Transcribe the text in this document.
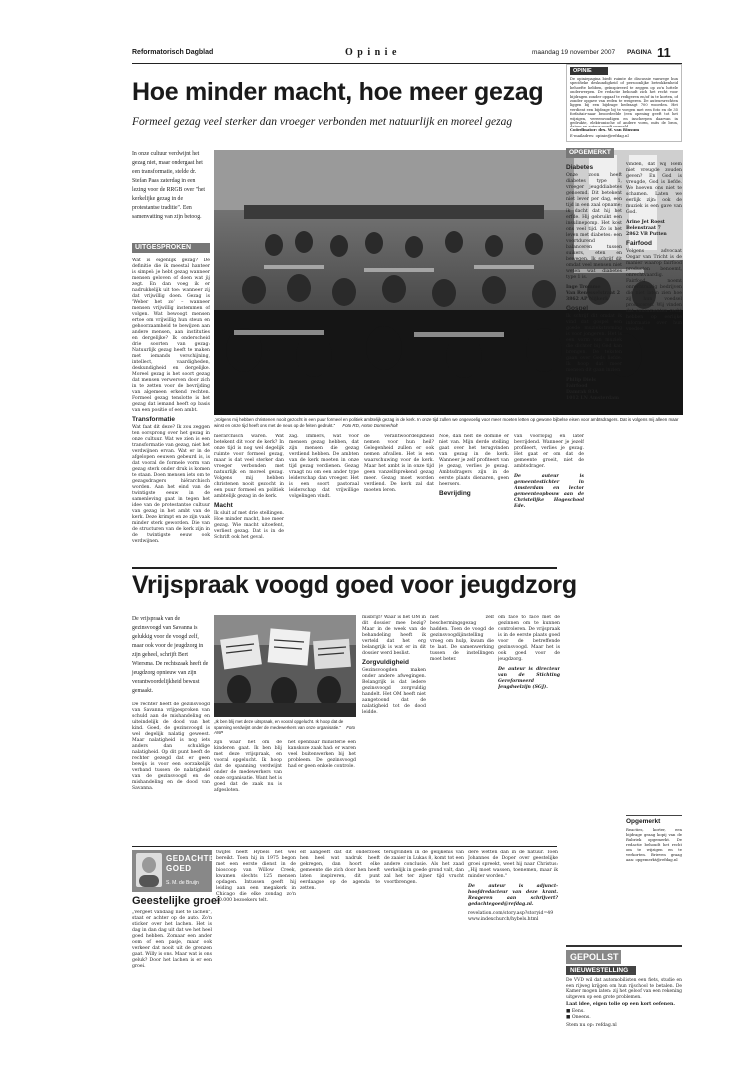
Reformatorisch Dagblad	O p i n i e	maandag 19 november 2007 PAGINA 11
Hoe minder macht, hoe meer gezag
Formeel gezag veel sterker dan vroeger verbonden met natuurlijk en moreel gezag
OPINIE
De opiniepagina biedt ruimte de discussie vanwege hun specifieke deskundigheid of persoonlijke betrokkenheid behoefte hebben, geïnspireerd te zeggen op zo'n luttele onderwerpen. De redactie behoudt zich het recht voor bijdragen zonder opgaaf te redigeren en/of in te korten, of zonder opgave van reden te weigeren. De auteursrechten liggen bij een bijdrage bedraagt 700 woorden. Het verdient een bijdrage bij te voegen met een foto en de 35 forfaitair-naar beoordeelde (een opening geeft tot het wijzigen, vereenvoudigen en inscherpen daarvan in gedrukte, elektronische of andere vorm, mits de bron,
Coördinator: drs. W. van Rinsum
E-mailadres: opinie@refdag.nl
In onze cultuur verdwijnt het gezag niet, maar ondergaat het een transformatie, stelde dr. Stefan Paas zaterdag in een lezing voor de RRGB over "het kerkelijke gezag in de protestantse traditie". Een samenvatting van zijn betoog.
UITGESPROKEN

Wat is eigenlijk gezag? De definitie die ik meestal hanteer is simpel: je hebt gezag wanneer mensen geloven of doen wat jij zegt. En dan voeg ik er nadrukkelijk uit toe: wanneer zij dat vrijwillig doen. Gezag is 'Weber het zo' – wanneer mensen vrijwillig instemmen of volgen. Wat bewoogt mensen ertoe om vrijwillig hun steun en gehoorzaamheid te bewijzen aan andere mensen, aan instituties en dergelijke? Ik onderscheid drie soorten van gezag: Natuurlijk gezag heeft te maken met iemands verschijning, intellect, vaardigheden, deskundigheid en dergelijke. Moreel gezag is het soort gezag dat mensen verwerven door zich in te zetten voor de bevrijding van algemeen erkend rechten. Formeel gezag tenslotte is het gezag dat iemand heeft op basis van een positie of een ambt.

Transformatie

Wat faat dit deze? Ik zou zeggen ten oorsprong over het gezag in onze cultuur. Wat we zien is een transformatie van gezag, niet het verdwijnen ervan. Wat er in de afgelopen eeuwen gebeurd is, is dat vooral de formele vorm van gezag sterk onder druk is komen te staan. Doen mensen iets om te gezagsdragers hiërarchisch worden. Aan het eind van de twintigste eeuw in de samenleving gaat in tegen het idee van de protestantse cultuur van gezag in het ambt van de kerk. Deze krimpt en ze zijn vaak minder sterk geworden. Die van de structuren van de kerk zijn in de twintigste eeuw ook verdwijnen.

„Volgens mij hebben christenen nooit gezocht in een puur formeel en politiek ambtelijk gezag in de kerk. In onze tijd zullen we ongevoelig voor meer moeten letten op gewone bijbelse eisen voor ambtsdragers. Dat is volgens mij alleen maar winst en onze tijd heeft ons met de neus op de feiten gedrukt." Foto RD, Anton Dommerholt

hiërarchisch waren. Wat betekent dit voor de kerk? In onze tijd is nog wel degelijk ruimte voor formeel gezag, maar is dat veel sterker dan vroeger verbonden met natuurlijk en moreel gezag. Volgens mij hebben christenen nooit gezocht in een puur formeel en politiek ambtelijk gezag in de kerk.

Macht

Ik sluit af met drie stellingen. Hoe minder macht, hoe meer gezag. Wie macht uitoefent, verliest gezag. Dat is in de Schrift ook het geval.

zag. Immers, wat voor mensen gezag hebben, dat zijn mensen die gezag verdiend hebben. De ambten van de kerk moeten in onze tijd gezag verdienen. Gezag vraagt nu om een ander type leiderschap dan vroeger. Het is een soort pastoraal leiderschap dat vrijwillige volgelingen vindt.
de verantwoordelijkheid nemen voor hun heil? Gelegenheid zullen er ook nemen afvallen. Het is een waarschuwing voor de kerk. Maar het ambt is in onze tijd geen vanzelfsprekend gezag meer. Gezag moet worden verdiend. De kerk zal dat moeten leren.

Noe, dan helt de domine er niet van. Mijn derde stelling gaat over het terugvinden van gezag in de kerk. Wanneer je zelf profiteert van je gezag, verlies je gezag. Ambtsdragers zijn in de eerste plaats dienaren, geen heersers.

Bevrijding

van voorlopig en later bevrijdend. Wanneer je jezelf profileert, verlies je gezag. Het gaat er om dat de gemeente groeit, niet de ambtsdrager.

De auteur is gemeentestichter in Amsterdam en lector gemeenteopbouw aan de Christelijke Hogeschool Ede.

OPGEMERKT
Diabetes

Onze zoon heeft diabetes type 1, vroeger jeugddiabetes genoemd. Dit betekent niet lever per dag, een tijd in een zaal opname; ik dacht dat hij het erfde. Hij gebruikt een insulinepomp. Het kost ons veel tijd. Zo is het leven met diabetes: een voortdurend balanceren tussen suikers, eten en bewegen. Ik schrijf dit omdat veel mensen niet weten wat diabetes type 1 is.

Inge Tromme
Van Renesselstraat 2
3862 AP Nijkerk

Gospel

Ik schrijf dit omdat ik vind dat gospel een goede muziekstroming is voor jongeren. Het is een vorm van muziek die dichter bij God kan brengen. De teksten gaan over Gods liefde. Ik hoop dat meer mensen dit gaan inzien.

Philip Diels
Fairfood
Damrak 83A
1012 LN Amsterdam

vinden, dat wij Hem niet vreugde zouden geven? En God is vreugde, God is liefde. We hoeven ons niet te schamen. Laten we eerlijk zijn: ook de muziek is een gave van God.

Arine Jet Roest
Belenstraat 7
2862 VB Putten

Fairfood

Volgens advocaat Oogar van Tricht is de manier waarop fairfood producten benoemt, onrechtvaardig. Fairfood noemt onrechtmatig bedrijven die niet laten zien hoe zij hun voedsel produceren. Wij vinden dat consumenten recht hebben op eerlijke informatie over hun voedsel.

Opgemerkt
Reacties, korter, een bijdrage graag kopij van de Rubriek opgemerkt. De redactie behoudt het recht om te wijzigen en te verkorten. Brieven graag aan: opgemerkt@refdag.nl
Vrijspraak voogd goed voor jeugdzorg
De vrijspraak van de gezinsvoogd van Savanna is gelukkig voor de voogd zelf, maar ook voor de jeugdzorg in zijn geheel, schrijft Bert Wiersma. De rechtszaak heeft de jeugdzorg opnieuw van zijn verantwoordelijkheid bewust gemaakt.
De rechter heeft de gezinsvoogd van Savanna vrijgesproken van schuld aan de mishandeling en uiteindelijk de dood van het kind. Goed, de gezinsvoogd is wel degelijk nalatig geweest. Maar nalatigheid is nog iets anders dan schuldige nalatigheid. Op dit punt heeft de rechter gezegd dat er geen bewijs is voor een oorzakelijk verband tussen de nalatigheid van de gezinsvoogd en de mishandeling en de dood van Savanna.
„Ik ben blij met deze uitspraak, en vooral opgelucht. Ik hoop dat de spanning verdwijnt onder de medewerkers van onze organisatie." Foto ANP
zijn waar het om de kinderen gaat. Ik ben blij met deze vrijspraak, en vooral opgelucht. Ik hoop dat de spanning verdwijnt onder de medewerkers van onze organisatie. Want het is goed dat de zaak nu is afgesloten.
het openbaar ministerie een kanskoze zaak had: er waren veel buitenwerken bij het probleem. De gezinsvoogd had er geen enkele controle.

misbrijf? Waar is het OM in dit dossier mee bezig? Maar in de week van de behandeling heeft ik verteld dat het erg belangrijk is wat er in dit dossier werd beslist.

Zorgvuldigheid

Gezinsvoogden maken onder andere afwegingen. Belangrijk is dat iedere gezinsvoogd zorgvuldig handelt. Het OM heeft niet aangetoond dat de nalatigheid tot de dood leidde.

niet zelf beschermingsgezag hadden. Toen de voogd de gezinsvoogdijinstelling vroeg om hulp, kwam die te laat. De samenwerking tussen de instellingen moet beter.

om face to face met de gezinnen om te kunnen controleren. De vrijspraak is in de eerste plaats goed voor de betreffende gezinsvoogd. Maar het is ook goed voor de jeugdzorg.

De auteur is directeur van de Stichting Gereformeerd Jeugdwelzijn (SGJ).

GEDACHTE
GOED
S. M. de Bruijn
Geestelijke groei
„Vergeet vandaag niet te lachen", staat er achter op de auto. Zo'n sticker over het lachen. Het is dag in dan dag uit dat we het heel goed hebben. Zomaar een ander oom of een pasje, maar ook verkeer dat nooit uit de grenzen gaat. Willy is ons. Maar wat is ons geluk? Door het lachen is er een groei.
twijfel heeft Hybels het wel bereikt. Toen hij in 1975 begon met een eerste dienst in de bioscoop van Willow Creek, kwamen slechts 125 mensen opdagen. Intussen geeft hij leiding aan een megakerk in Chicago die elke zondag zo'n 20.000 bezoekers telt.
elf aangeeft dat dit onderzoek hen heel wat nadruk heeft gekregen, dan hoort elke gemeente die zich door hen heeft laten inspireren, dit punt eerdaagse op de agenda te zetten.
terugvinden in de gelijkenis van de zaaier in Lukas 8, komt tot een andere conclusie. Als het zaad werkelijk in goede grond valt, dan zal het ter zijner tijd vrucht voortbrengen.

dere wetten dan in de natuur. Toen Johannes de Doper over geestelijke groei spreekt, weet hij naar Christus: „Hij moet wassen, toenemen, maar ik minder worden."

De auteur is adjunct-hoofdredacteur van deze krant. Reageren aan schrijvert? gedachtegoed@refdag.nl.

revelation.com/story.asp?storyid=49 www.indexchurch/hybels.html

GEPOLLST
NIEUWESTELLING
De VVD wil dat automobilisten een fiets, studie en een rijweg krijgen om hun rijschool te betalen. De Kamer mogen laten: zij het geloof van een rekening uitgeven op een grote problemen.
Laat idee, eigen tolie op een kort oefenen.
■ Eens.
■ Oneens.
Stem nu op: refdag.nl
